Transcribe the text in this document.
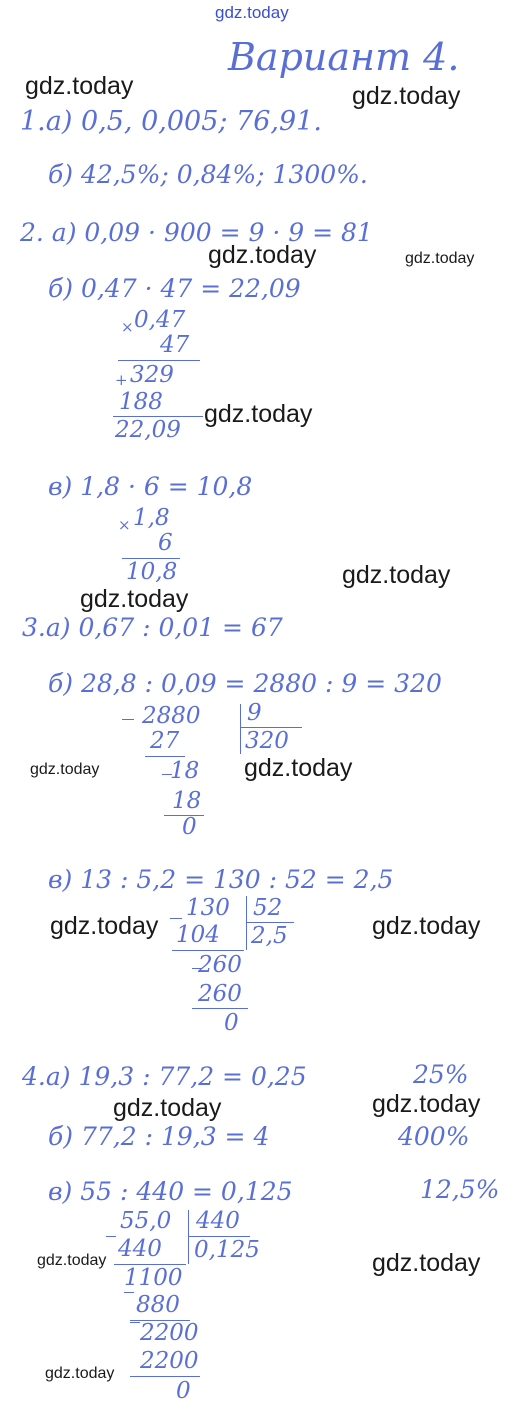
gdz.today
Вариант 4.
gdz.today	gdz.today
gdz.today	gdz.today
gdz.today
gdz.today
gdz.today
gdz.today	gdz.today
gdz.today	gdz.today
gdz.today	gdz.today
gdz.today	gdz.today
gdz.today
1.а) 0,5, 0,005; 76,91.
б) 42,5%; 0,84%; 1300%.
2. а) 0,09 · 900 = 9 · 9 = 81
б) 0,47 · 47 = 22,09
× 0,47
47
+ 329
188
22,09
в) 1,8 · 6 = 10,8
× 1,8
6
10,8
3.а) 0,67 : 0,01 = 67
б) 28,8 : 0,09 = 2880 : 9 = 320
2880 9
320
27
18
18
0
в) 13 : 5,2 = 130 : 52 = 2,5
130 52
2,5
104
260
260
0
4.а) 19,3 : 77,2 = 0,25	25%
б) 77,2 : 19,3 = 4	400%
в) 55 : 440 = 0,125	12,5%
55,0 440
0,125
440
1100
880
2200
2200
0
